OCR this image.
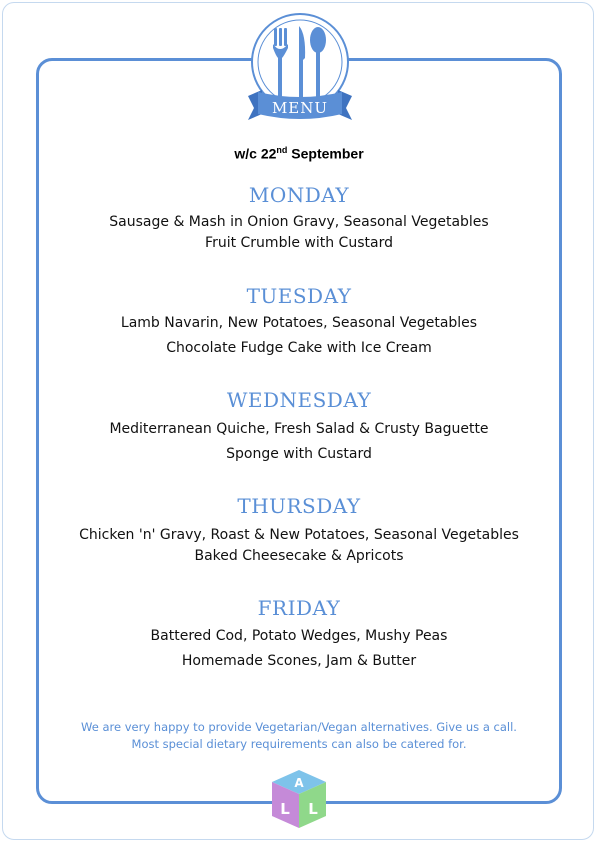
MENU
w/c 22nd September
MONDAY
Sausage & Mash in Onion Gravy, Seasonal Vegetables
Fruit Crumble with Custard
TUESDAY
Lamb Navarin, New Potatoes, Seasonal Vegetables
Chocolate Fudge Cake with Ice Cream
WEDNESDAY
Mediterranean Quiche, Fresh Salad & Crusty Baguette
Sponge with Custard
THURSDAY
Chicken 'n' Gravy, Roast & New Potatoes, Seasonal Vegetables
Baked Cheesecake & Apricots
FRIDAY
Battered Cod, Potato Wedges, Mushy Peas
Homemade Scones, Jam & Butter
We are very happy to provide Vegetarian/Vegan alternatives. Give us a call.
Most special dietary requirements can also be catered for.
A
L L
